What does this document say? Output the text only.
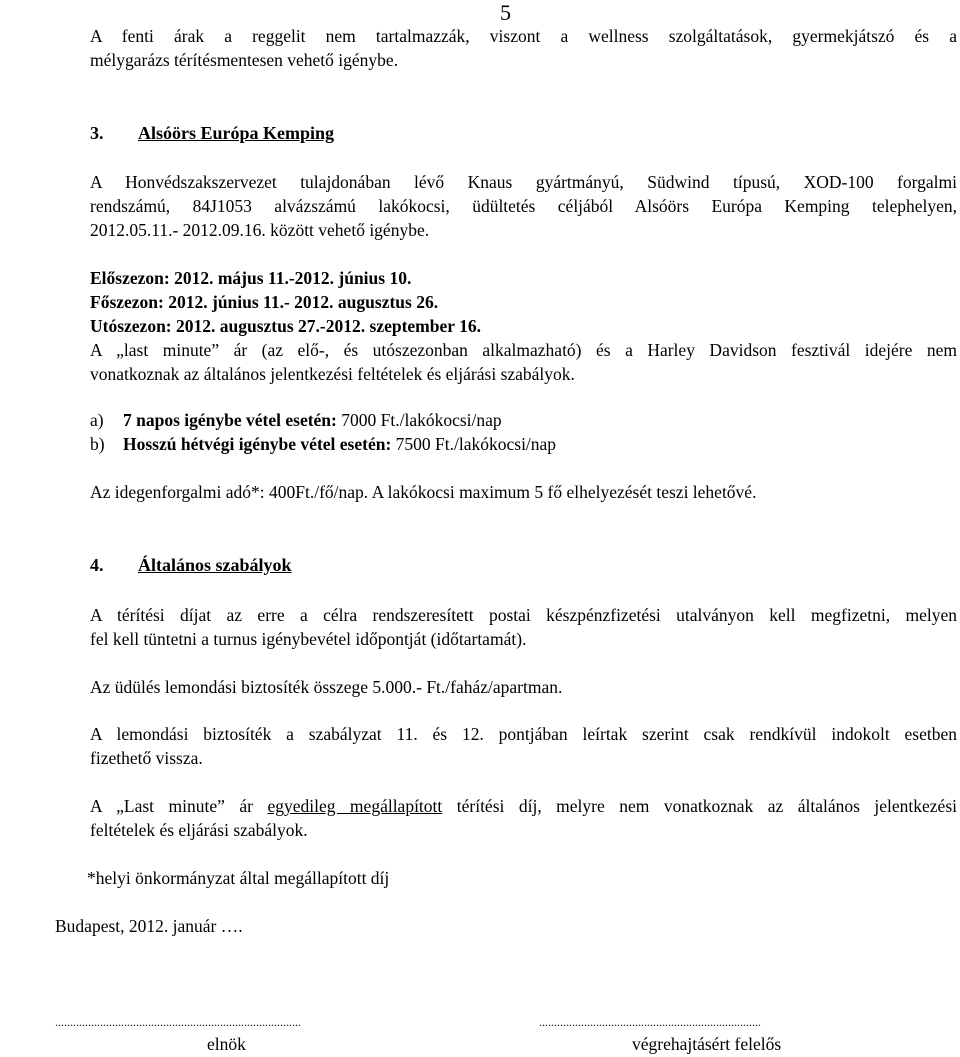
5
A fenti árak a reggelit nem tartalmazzák, viszont a wellness szolgáltatások, gyermekjátszó és a
mélygarázs térítésmentesen vehető igénybe.
3. Alsóörs Európa Kemping
A Honvédszakszervezet tulajdonában lévő Knaus gyártmányú, Südwind típusú, XOD-100 forgalmi
rendszámú, 84J1053 alvázszámú lakókocsi, üdültetés céljából Alsóörs Európa Kemping telephelyen,
2012.05.11.- 2012.09.16. között vehető igénybe.
Előszezon: 2012. május 11.-2012. június 10.
Főszezon: 2012. június 11.- 2012. augusztus 26.
Utószezon: 2012. augusztus 27.-2012. szeptember 16.
A „last minute” ár (az elő-, és utószezonban alkalmazható) és a Harley Davidson fesztivál idejére nem
vonatkoznak az általános jelentkezési feltételek és eljárási szabályok.
a) 7 napos igénybe vétel esetén: 7000 Ft./lakókocsi/nap
b) Hosszú hétvégi igénybe vétel esetén: 7500 Ft./lakókocsi/nap
Az idegenforgalmi adó*: 400Ft./fő/nap. A lakókocsi maximum 5 fő elhelyezését teszi lehetővé.
4. Általános szabályok
A térítési díjat az erre a célra rendszeresített postai készpénzfizetési utalványon kell megfizetni, melyen
fel kell tüntetni a turnus igénybevétel időpontját (időtartamát).
Az üdülés lemondási biztosíték összege 5.000.- Ft./faház/apartman.
A lemondási biztosíték a szabályzat 11. és 12. pontjában leírtak szerint csak rendkívül indokolt esetben
fizethető vissza.
A „Last minute” ár egyedileg megállapított térítési díj, melyre nem vonatkoznak az általános jelentkezési
feltételek és eljárási szabályok.
*helyi önkormányzat által megállapított díj
Budapest, 2012. január ….
..................................................................................
elnök
..........................................................................
végrehajtásért felelős
